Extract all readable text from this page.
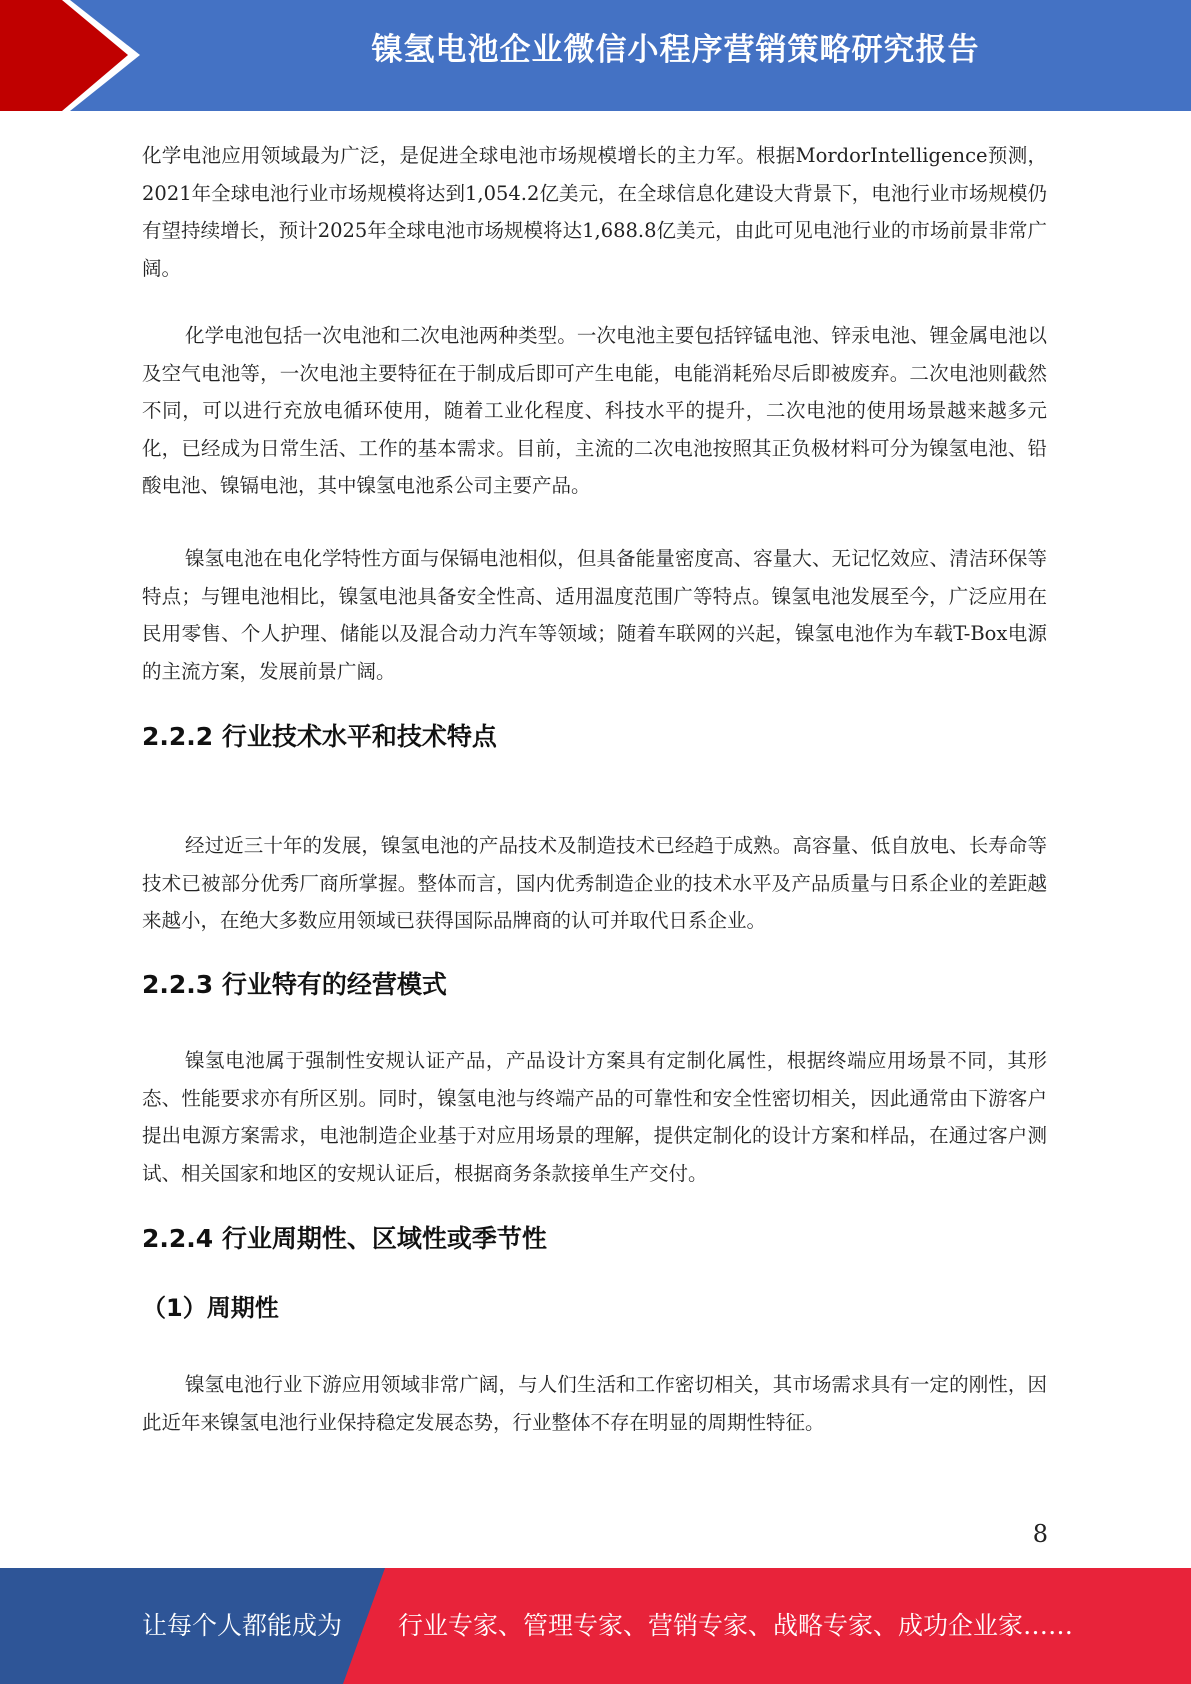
镍氢电池企业微信小程序营销策略研究报告

化学电池应用领域最为广泛，是促进全球电池市场规模增长的主力军。根据MordorIntelligence预测，2021年全球电池行业市场规模将达到1,054.2亿美元，在全球信息化建设大背景下，电池行业市场规模仍有望持续增长，预计2025年全球电池市场规模将达1,688.8亿美元，由此可见电池行业的市场前景非常广阔。

化学电池包括一次电池和二次电池两种类型。一次电池主要包括锌锰电池、锌汞电池、锂金属电池以及空气电池等，一次电池主要特征在于制成后即可产生电能，电能消耗殆尽后即被废弃。二次电池则截然不同，可以进行充放电循环使用，随着工业化程度、科技水平的提升，二次电池的使用场景越来越多元化，已经成为日常生活、工作的基本需求。目前，主流的二次电池按照其正负极材料可分为镍氢电池、铅酸电池、镍镉电池，其中镍氢电池系公司主要产品。

镍氢电池在电化学特性方面与保镉电池相似，但具备能量密度高、容量大、无记忆效应、清洁环保等特点；与锂电池相比，镍氢电池具备安全性高、适用温度范围广等特点。镍氢电池发展至今，广泛应用在民用零售、个人护理、储能以及混合动力汽车等领域；随着车联网的兴起，镍氢电池作为车载T-Box电源的主流方案，发展前景广阔。

2.2.2 行业技术水平和技术特点

经过近三十年的发展，镍氢电池的产品技术及制造技术已经趋于成熟。高容量、低自放电、长寿命等技术已被部分优秀厂商所掌握。整体而言，国内优秀制造企业的技术水平及产品质量与日系企业的差距越来越小，在绝大多数应用领域已获得国际品牌商的认可并取代日系企业。

2.2.3 行业特有的经营模式

镍氢电池属于强制性安规认证产品，产品设计方案具有定制化属性，根据终端应用场景不同，其形态、性能要求亦有所区别。同时，镍氢电池与终端产品的可靠性和安全性密切相关，因此通常由下游客户提出电源方案需求，电池制造企业基于对应用场景的理解，提供定制化的设计方案和样品，在通过客户测试、相关国家和地区的安规认证后，根据商务条款接单生产交付。

2.2.4 行业周期性、区域性或季节性
（1）周期性

镍氢电池行业下游应用领域非常广阔，与人们生活和工作密切相关，其市场需求具有一定的刚性，因此近年来镍氢电池行业保持稳定发展态势，行业整体不存在明显的周期性特征。

8
让每个人都能成为 行业专家、管理专家、营销专家、战略专家、成功企业家……
